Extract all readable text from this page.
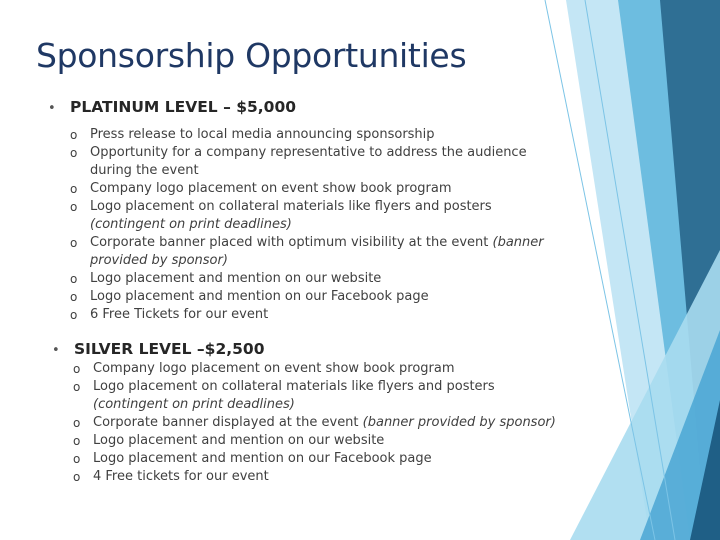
Sponsorship Opportunities
• PLATINUM LEVEL – $5,000
o Press release to local media announcing sponsorship
o Opportunity for a company representative to address the audience during the event
o Company logo placement on event show book program
o Logo placement on collateral materials like flyers and posters (contingent on print deadlines)
o Corporate banner placed with optimum visibility at the event (banner provided by sponsor)
o Logo placement and mention on our website
o Logo placement and mention on our Facebook page
o 6 Free Tickets for our event
• SILVER LEVEL –$2,500
o Company logo placement on event show book program
o Logo placement on collateral materials like flyers and posters (contingent on print deadlines)
o Corporate banner displayed at the event (banner provided by sponsor)
o Logo placement and mention on our website
o Logo placement and mention on our Facebook page
o 4 Free tickets for our event
